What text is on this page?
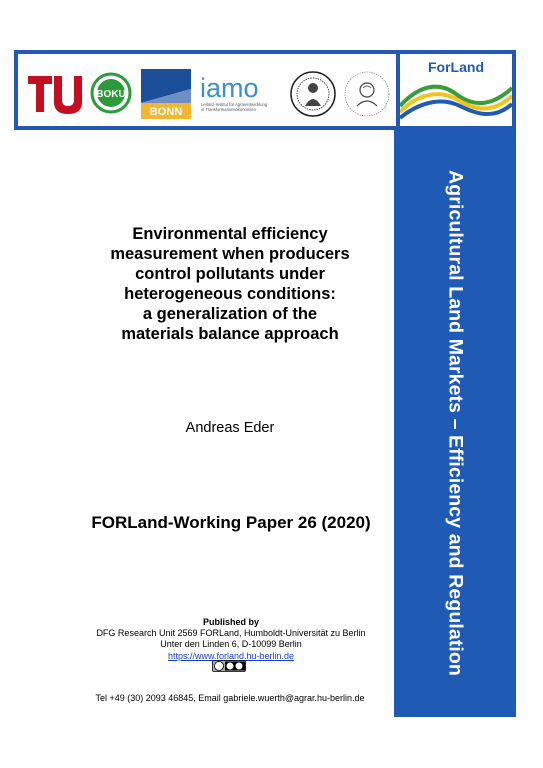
berlin	BOKU
BONN
iamo
Leibniz-Institut für Agrarentwicklung
in Transformationsökonomien
ForLand
Agricultural Land Markets – Efficiency and Regulation
Environmental efficiency
measurement when producers
control pollutants under
heterogeneous conditions:
a generalization of the
materials balance approach
Andreas Eder
FORLand-Working Paper 26 (2020)
Published by
DFG Research Unit 2569 FORLand, Humboldt-Universität zu Berlin
Unter den Linden 6, D-10099 Berlin
https://www.forland.hu-berlin.de
Tel +49 (30) 2093 46845, Email gabriele.wuerth@agrar.hu-berlin.de
